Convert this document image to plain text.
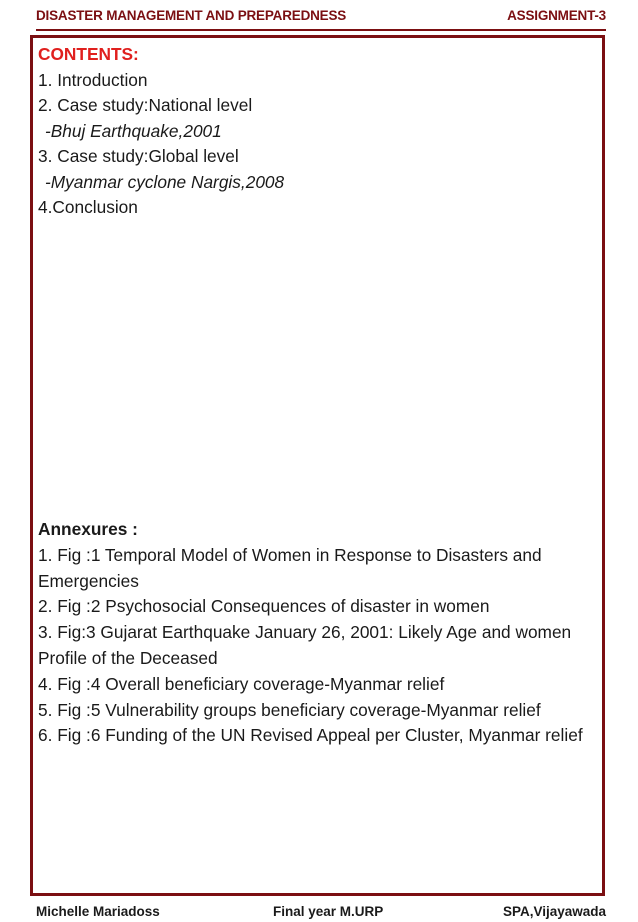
DISASTER MANAGEMENT AND PREPAREDNESS	ASSIGNMENT-3

CONTENTS:

1. Introduction

2. Case study:National level

-Bhuj Earthquake,2001

3. Case study:Global level

-Myanmar cyclone Nargis,2008

4.Conclusion

Annexures :

1. Fig :1 Temporal Model of Women in Response to Disasters and Emergencies

2. Fig :2 Psychosocial Consequences of disaster in women

3. Fig:3 Gujarat Earthquake January 26, 2001: Likely Age and women Profile of the Deceased

4. Fig :4 Overall beneficiary coverage-Myanmar relief

5. Fig :5 Vulnerability groups beneficiary coverage-Myanmar relief

6. Fig :6 Funding of the UN Revised Appeal per Cluster, Myanmar relief

Michelle Mariadoss	Final year M.URP	SPA,Vijayawada
